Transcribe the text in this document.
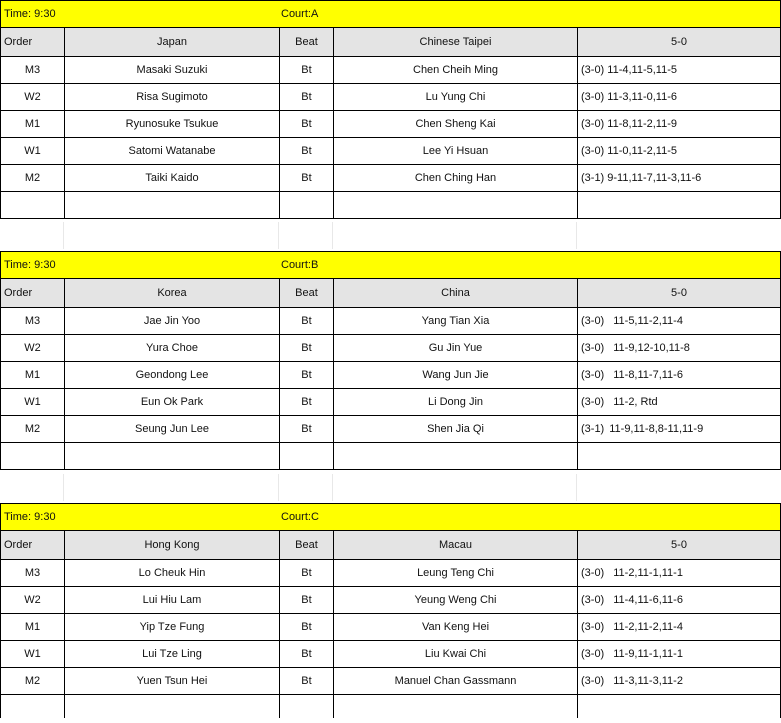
Time: 9:30	Court:A
Order	Japan	Beat	Chinese Taipei	5-0
M3	Masaki Suzuki	Bt	Chen Cheih Ming	(3-0) 11-4,11-5,11-5
W2	Risa Sugimoto	Bt	Lu Yung Chi	(3-0) 11-3,11-0,11-6
M1	Ryunosuke Tsukue	Bt	Chen Sheng Kai	(3-0) 11-8,11-2,11-9
W1	Satomi Watanabe	Bt	Lee Yi Hsuan	(3-0) 11-0,11-2,11-5
M2	Taiki Kaido	Bt	Chen Ching Han	(3-1) 9-11,11-7,11-3,11-6
Time: 9:30	Court:B
Order	Korea	Beat	China	5-0
M3	Jae Jin Yoo	Bt	Yang Tian Xia	(3-0) 11-5,11-2,11-4
W2	Yura Choe	Bt	Gu Jin Yue	(3-0) 11-9,12-10,11-8
M1	Geondong Lee	Bt	Wang Jun Jie	(3-0) 11-8,11-7,11-6
W1	Eun Ok Park	Bt	Li Dong Jin	(3-0) 11-2, Rtd
M2	Seung Jun Lee	Bt	Shen Jia Qi	(3-1) 11-9,11-8,8-11,11-9
Time: 9:30	Court:C
Order	Hong Kong	Beat	Macau	5-0
M3	Lo Cheuk Hin	Bt	Leung Teng Chi	(3-0) 11-2,11-1,11-1
W2	Lui Hiu Lam	Bt	Yeung Weng Chi	(3-0) 11-4,11-6,11-6
M1	Yip Tze Fung	Bt	Van Keng Hei	(3-0) 11-2,11-2,11-4
W1	Lui Tze Ling	Bt	Liu Kwai Chi	(3-0) 11-9,11-1,11-1
M2	Yuen Tsun Hei	Bt	Manuel Chan Gassmann	(3-0) 11-3,11-3,11-2
